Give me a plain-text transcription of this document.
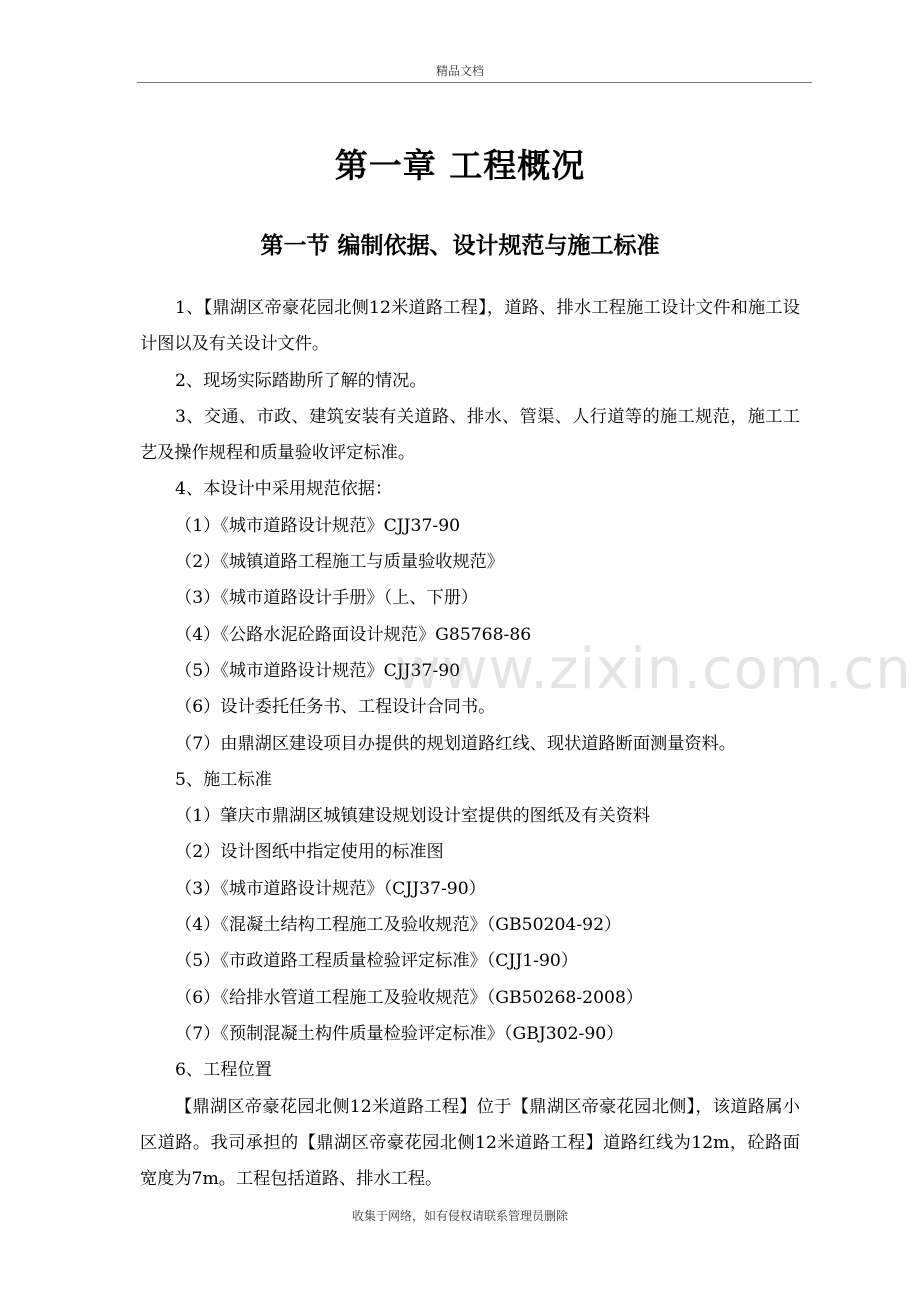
精品文档
第一章 工程概况
第一节 编制依据、设计规范与施工标准

1、【鼎湖区帝豪花园北侧12米道路工程】，道路、排水工程施工设计文件和施工设计图以及有关设计文件。

2、现场实际踏勘所了解的情况。

3、交通、市政、建筑安装有关道路、排水、管渠、人行道等的施工规范，施工工艺及操作规程和质量验收评定标准。

4、本设计中采用规范依据：

（1）《城市道路设计规范》CJJ37-90

（2）《城镇道路工程施工与质量验收规范》

（3）《城市道路设计手册》（上、下册）

（4）《公路水泥砼路面设计规范》G85768-86

（5）《城市道路设计规范》CJJ37-90

（6）设计委托任务书、工程设计合同书。

（7）由鼎湖区建设项目办提供的规划道路红线、现状道路断面测量资料。

5、施工标准

（1）肇庆市鼎湖区城镇建设规划设计室提供的图纸及有关资料

（2）设计图纸中指定使用的标准图

（3）《城市道路设计规范》（CJJ37-90）

（4）《混凝土结构工程施工及验收规范》（GB50204-92）

（5）《市政道路工程质量检验评定标准》（CJJ1-90）

（6）《给排水管道工程施工及验收规范》（GB50268-2008）

（7）《预制混凝土构件质量检验评定标准》（GBJ302-90）

6、工程位置

【鼎湖区帝豪花园北侧12米道路工程】位于【鼎湖区帝豪花园北侧】，该道路属小区道路。我司承担的【鼎湖区帝豪花园北侧12米道路工程】道路红线为12m，砼路面宽度为7m。工程包括道路、排水工程。

www.zixin.com.cn
收集于网络，如有侵权请联系管理员删除
